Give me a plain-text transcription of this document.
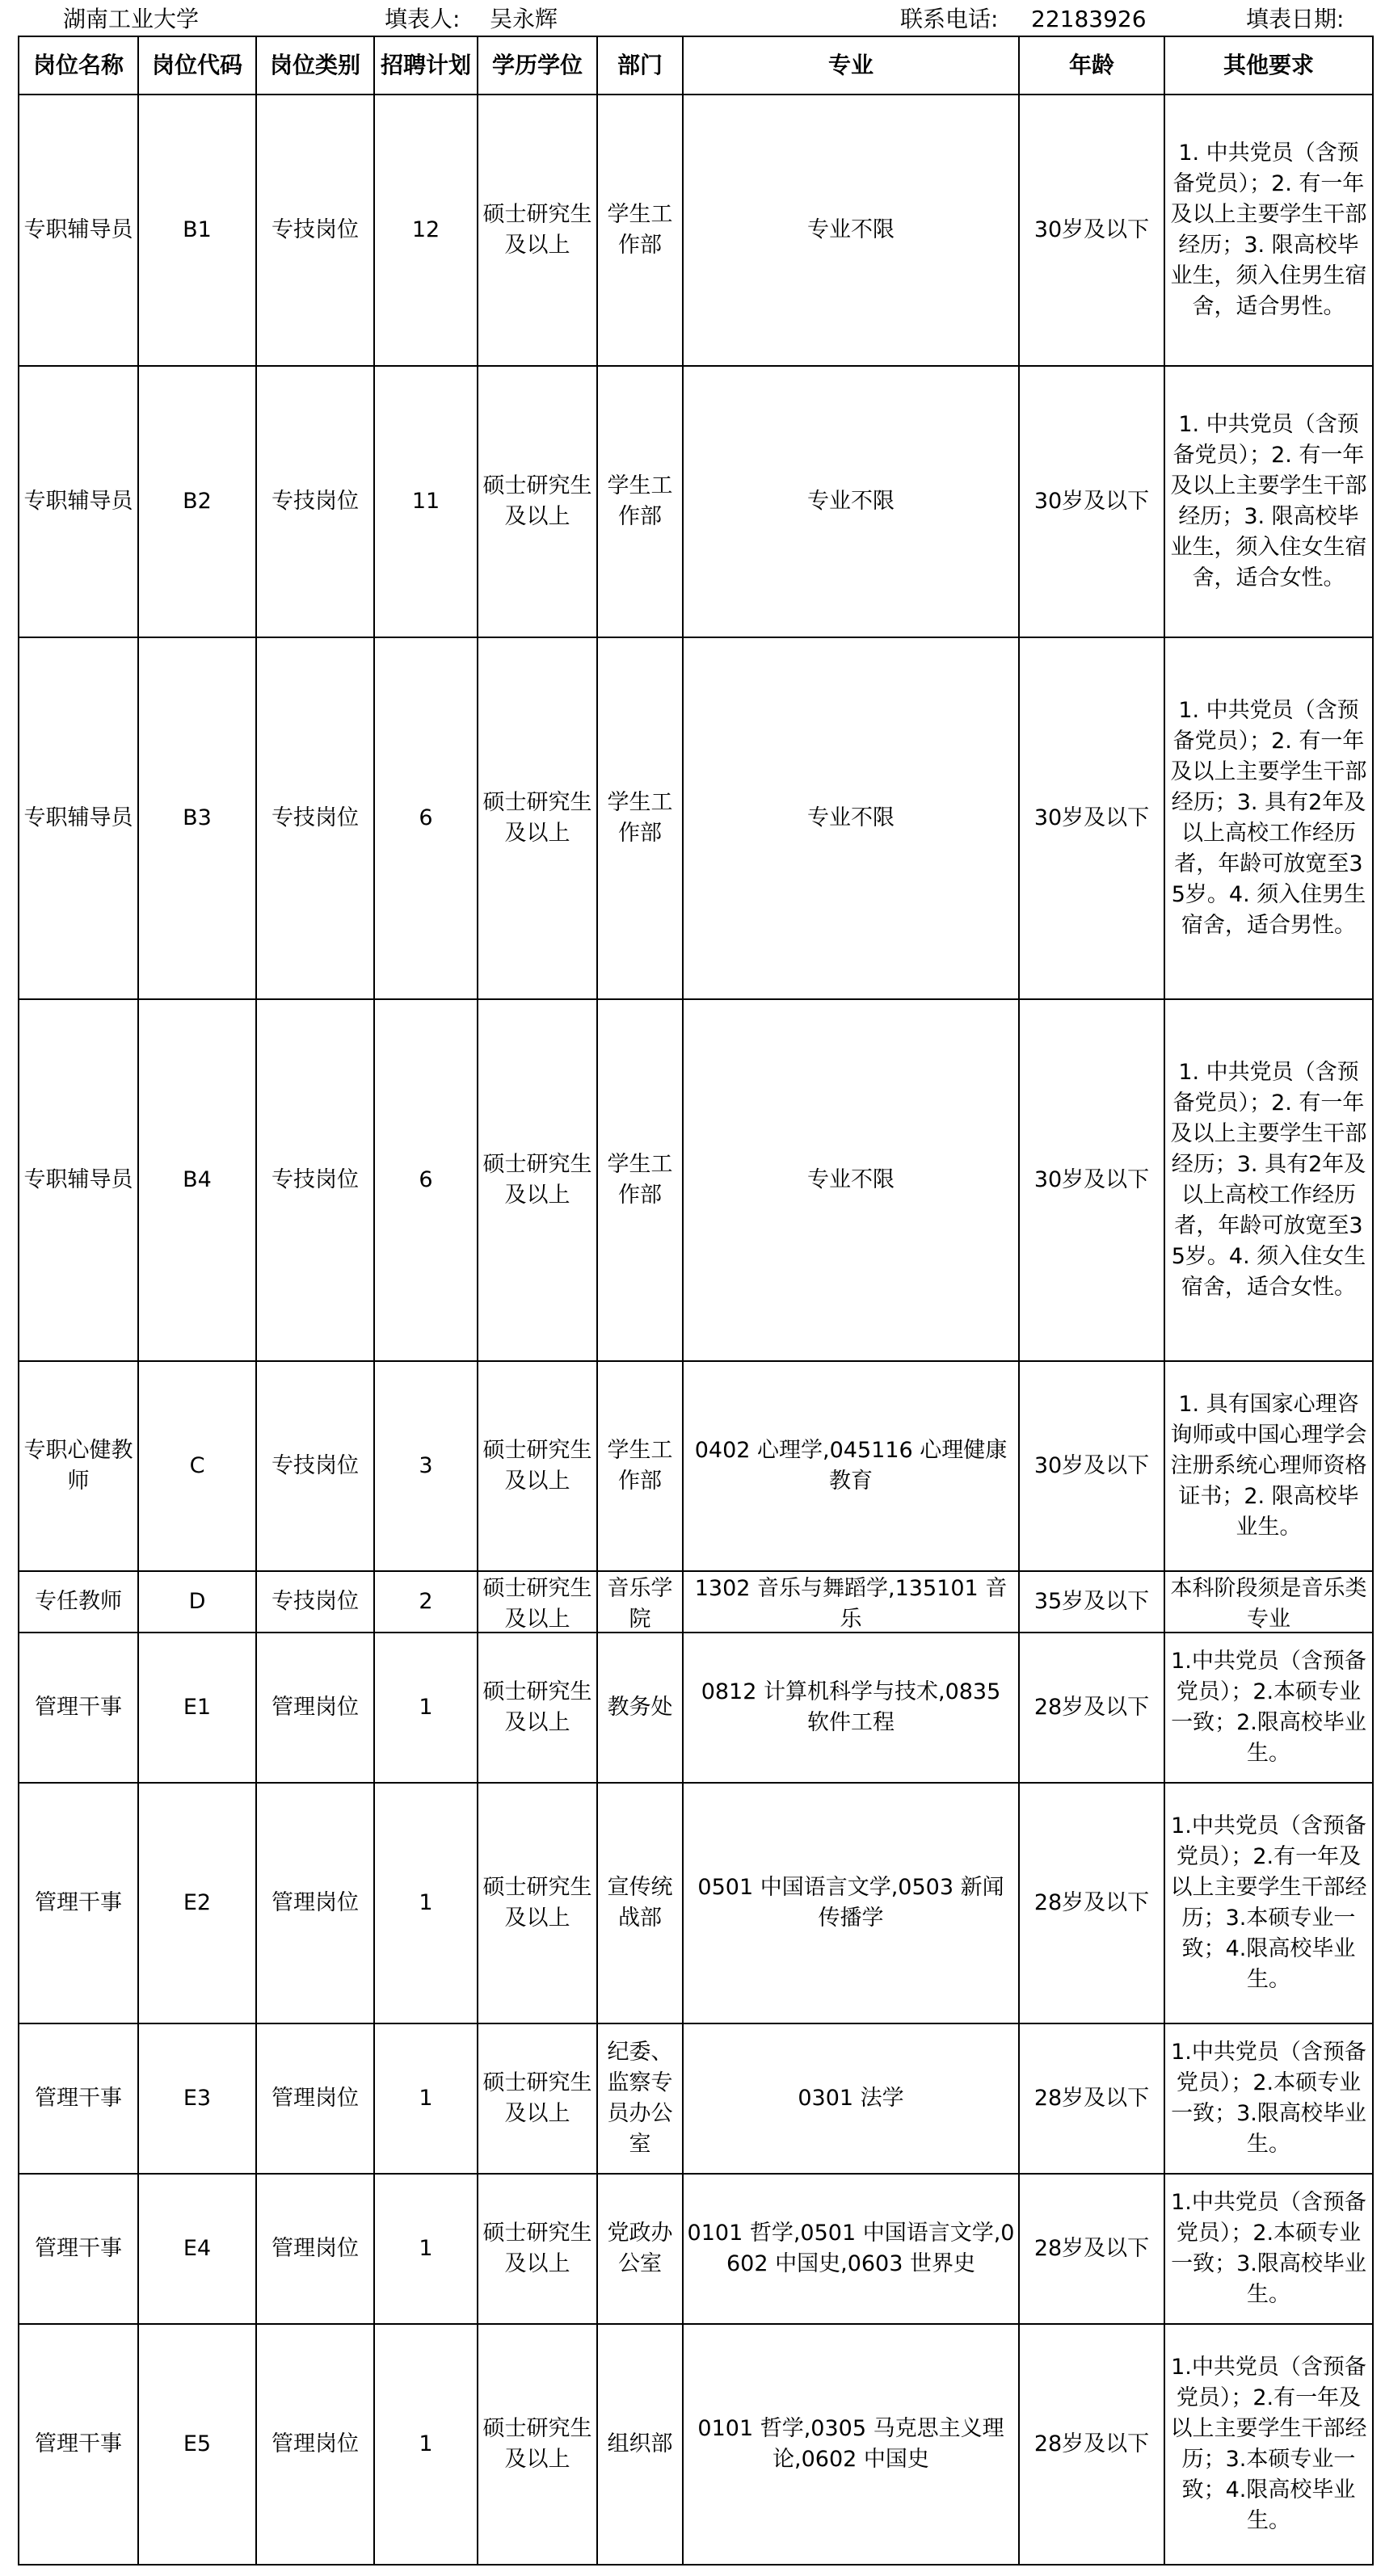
湖南工业大学	填表人: 吴永辉	联系电话: 22183926	填表日期:
岗位名称	岗位代码	岗位类别	招聘计划	学历学位	部门	专业	年龄	其他要求
专职辅导员	B1	专技岗位	12	硕士研究生及以上	学生工作部	专业不限	30岁及以下	1. 中共党员（含预备党员）；2. 有一年及以上主要学生干部经历；3. 限高校毕业生，须入住男生宿舍，适合男性。
专职辅导员	B2	专技岗位	11	硕士研究生及以上	学生工作部	专业不限	30岁及以下	1. 中共党员（含预备党员）；2. 有一年及以上主要学生干部经历；3. 限高校毕业生，须入住女生宿舍，适合女性。
专职辅导员	B3	专技岗位	6	硕士研究生及以上	学生工作部	专业不限	30岁及以下	1. 中共党员（含预备党员）；2. 有一年及以上主要学生干部经历；3. 具有2年及以上高校工作经历者，年龄可放宽至35岁。4. 须入住男生宿舍，适合男性。
专职辅导员	B4	专技岗位	6	硕士研究生及以上	学生工作部	专业不限	30岁及以下	1. 中共党员（含预备党员）；2. 有一年及以上主要学生干部经历；3. 具有2年及以上高校工作经历者，年龄可放宽至35岁。4. 须入住女生宿舍，适合女性。
专职心健教师	C	专技岗位	3	硕士研究生及以上	学生工作部	0402 心理学,045116 心理健康教育	30岁及以下	1. 具有国家心理咨询师或中国心理学会注册系统心理师资格证书；2. 限高校毕业生。
专任教师	D	专技岗位	2	硕士研究生及以上	音乐学院	1302 音乐与舞蹈学,135101 音乐	35岁及以下	本科阶段须是音乐类专业

管理干事	E1	管理岗位	1	硕士研究生及以上	教务处	0812 计算机科学与技术,0835 软件工程	28岁及以下	1.中共党员（含预备党员）；2.本硕专业一致；2.限高校毕业生。
管理干事	E2	管理岗位	1	硕士研究生及以上	宣传统战部	0501 中国语言文学,0503 新闻传播学	28岁及以下	1.中共党员（含预备党员）；2.有一年及以上主要学生干部经历；3.本硕专业一致；4.限高校毕业生。
管理干事	E3	管理岗位	1	硕士研究生及以上	纪委、监察专员办公室	0301 法学	28岁及以下	1.中共党员（含预备党员）；2.本硕专业一致；3.限高校毕业生。
管理干事	E4	管理岗位	1	硕士研究生及以上	党政办公室	0101 哲学,0501 中国语言文学,0602 中国史,0603 世界史	28岁及以下	1.中共党员（含预备党员）；2.本硕专业一致；3.限高校毕业生。
管理干事	E5	管理岗位	1	硕士研究生及以上	组织部	0101 哲学,0305 马克思主义理论,0602 中国史	28岁及以下	1.中共党员（含预备党员）；2.有一年及以上主要学生干部经历；3.本硕专业一致；4.限高校毕业生。
